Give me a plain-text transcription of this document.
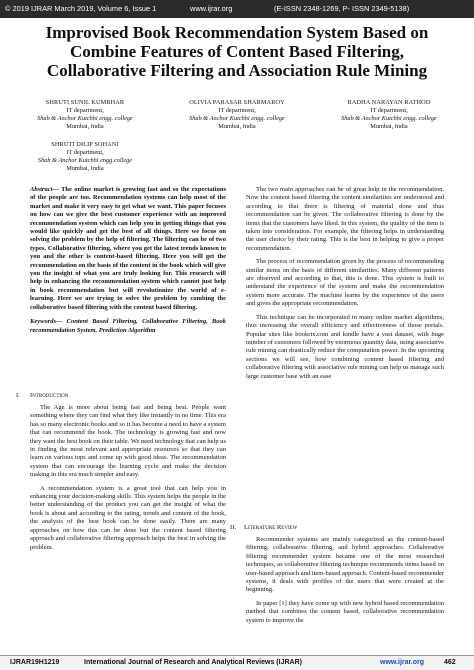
© 2019 IJRAR March 2019, Volume 6, Issue 1	www.ijrar.org	(E-ISSN 2348-1269, P- ISSN 2349-5138)
Improvised Book Recommendation System Based on Combine Features of Content Based Filtering, Collaborative Filtering and Association Rule Mining
SHRUTI SUNIL KUMBHAR
IT department,
Shah & Anchor Kutchhi engg. college
Mumbai, India
OLIVIA PARASAR SHARMAROY
IT department,
Shah & Anchor Kutchhi engg. college
Mumbai, India
RADHA NARAYAN RATHOD
IT department,
Shah & Anchor Kutchhi engg. college
Mumbai, India
SHRUTI DILIP SOHANI
IT department,
Shah & Anchor Kutchhi engg.college
Mumbai, India
Abstract— The online market is growing fast and so the expectations of the people are too. Recommendation systems can help most of the market and make it very easy to get what we want. This paper focuses on how can we give the best customer experience with an improved recommendation system which can help you in getting things that you would like quickly and get the best of all things. Here we focus on solving the problem by the help of filtering. The filtering can be of two types. Collaborative filtering, where you get the latest trends known to you and the other is content-based filtering. Here you will get the recommendation on the basis of the content in the book which will give you the insight of what you are truly looking for. This research will help in enhancing the recommendation system which cannot just help in book recommendation but will revolutionize the world of e-learning. Here we are trying to solve the problem by combing the collaborative based filtering with the content based filtering.
Keywords— Content Based Filtering, Collaborative Filtering, Book recommendation System, Prediction Algorithm
I. Introduction

The Age is more about being fast and being best. People want something where they can find what they like instantly in no time. This era has so many electronic books and so it has become a need to have a system that can recommend the book. The technology is growing fast and now they want the best book on their table. We need technology that can help us in finding the most relevant and appropriate resources so that they can learn on various tops and come up with good ideas. The recommendation system that can encourage the learning cycle and make the decision making in this era much simpler and easy.

A recommendation system is a great tool that can help you in enhancing your decision-making skills. This system helps the people in the better understanding of the product you can get the insight of what the book is about and according to the rating, trends and content of the book, the analysis of the best book can be done easily. There are many approaches on how this can be done but the content based filtering approach and collaborative filtering approach helps the best in solving the problem.

The two main approaches can be of great help in the recommendation. Now the content based filtering the content similarities are understood and according to that there is filtering of material done and thus recommendation can be given. The collaborative filtering is done by the items that the customers have liked. In this system, the quality of the item is taken into consideration. For example, the filtering helps in understanding the user choice by their rating. This is the best in helping to give a proper recommendation.

The process of recommendation given by the process of recommending similar items on the basis of different similarities. Many different patterns are observed and according to that, this is done. This system is built to understand the experience of the system and make the recommendation system more accurate. The machine learns by the experience of the users and gives the appropriate recommendation.

This technique can be incorporated in many online market algorithms, thus increasing the overall efficiency and effectiveness of those portals. Popular sites like bookrix.com and kindle have a vast dataset, with huge number of customers followed by enormous quantity data, using associative rule mining can drastically reduce the computation power. In the upcoming sections we will see, how combining content based filtering and collaborative filtering with associative rule mining can help us manage such large customer base with an ease

II. Literature Review

Recommender systems are mainly categorized as the content-based filtering, collaborative filtering, and hybrid approaches. Collaborative filtering recommender system became one of the most researched techniques, as collaborative filtering technique recommends items based on user-based approach and item-based approach. Content-based recommender systems, it deals with profiles of the users that were created at the beginning.

In paper [1] they have come up with new hybrid based recommendation method that combines the content based, collaborative recommendation system to improve the

IJRAR19H1219	International Journal of Research and Analytical Reviews (IJRAR)	www.ijrar.org	462
